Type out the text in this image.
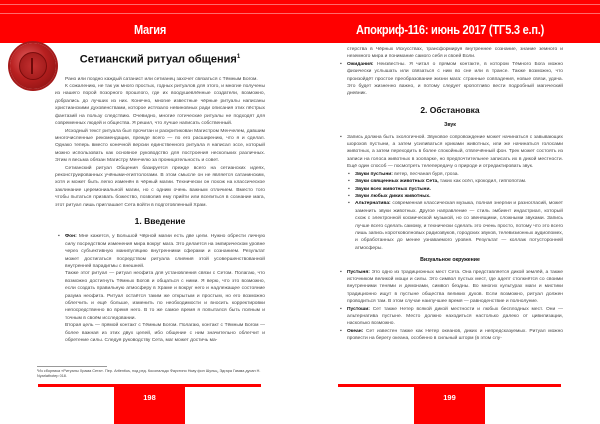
Магия
Сетианский ритуал общения$^1$

Рано или поздно каждый сатанист или сетианец захочет связаться с Тёмным Богом.

К сожалению, не так уж много простых, годных ритуалов для этого, и многие получены из нашего порой позорного прошлого, где их воодушевлённые создатели, возможно, добрались до лучших из них. Конечно, многие известные чёрные ритуалы написаны христианскими духовенствами, которое истязало невиновных ради описания этих пёстрых фантазий на пользу следствию. Очевидно, многие готические ритуалы не подходят для современных людей и общества. Я решил, что лучше написать собственный.

Исходный текст ритуала был прочитан и раскритикован Магистром Менчелем, давшим многочисленные рекомендации, прежде всего — по его расширению, что я и сделал. Однако теперь вместо конечной версии единственного ритуала я написал эссе, который можно использовать как основное руководство для построения нескольких различных. Этим я весьма обязан Магистру Менчелю за проницательность и совет.

Сетианский ритуал Общения базируется прежде всего на сетианских идеях, реконструированных учёными-египтологами. В этом смысле он не является сатанинским, хотя и может быть легко изменён в чёрный магии. Технически он похож на классическое заклинание церемониальной магии, но с одним очень важным отличием. Вместо того чтобы пытаться призвать божество, позволив ему прийти или вселиться в сознание мага, этот ритуал лишь приглашает Сета войти в подготовленный Храм.

1. Введение
▪ Фон: Мне кажется, у Большой Чёрной магии есть две цели. Нужно обрести личную силу посредством изменения мира вокруг мага. Это делается на эмпирическом уровне через субъективную манипуляцию внутренними сферами и сознанием. Результат может достигаться посредством ритуала слияния этой усовершенствованной внутренней парадигмы с внешней.

Также этот ритуал — ритуал неофита для установления связи с Сетом. Полагаю, что возможно достигнуть Тёмных Богов и общаться с ними. Я верю, что это возможно, если создать правильную атмосферу в Храме и вокруг него и надлежащее состояние разума неофита. Ритуал остаётся таким же открытым и простым, но его возможно облегчить и ещё больше, изменить по необходимости и вносить корректировки непосредственно во время него. В то же самое время я попытался быть полным и точным в своём исследовании.

Вторая цель — прямой контакт с Тёмным Богом. Полагаю, контакт с Тёмным Богом — более важная из этих двух целей, ибо общение с ним значительно облегчит и обретение силы. Следуя руководству Сета, маг может достичь ма-

¹Из сборника «Ритуалы Храма Сета». Пер. Artlentius, под ред. Косопальдо Фаустино Ньву фон Шульц, Эдгара Гамма дусан Н. Nyarlathotep 018.
198
Апокриф-116: июнь 2017 (ΤΓ5.3 е.п.)
стерства в Чёрных Искусствах, трансформируя внутреннее сознание, знание земного и неземного мира и понимание самого себя и своей Воли.
▪ Ожидания: Неизвестны. Я читал о прямом контакте, в котором Тёмного Бога можно физически услышать или связаться с ним во сне или в трансе. Также возможно, что произойдёт простое преобразование жизни мага: странные совпадения, новые связи, удача. Это будет жизненно важно, и потому следует кропотливо вести подробный магический дневник.
2. Обстановка
Звук
▪ Запись должна быть эхологичной. Звуковое сопровождение может начинаться с завывающих шорохов пустыни, а затем усиливаться криками животных, или же начинаться голосами животных, а затем переходить в более спокойный, отвлечённый фон. Трек может состоять из записи на голоса животных в зоопарке, но предпочтительнее записать их в дикой местности. Ещё один способ — посмотреть телепередачу о природе и отредактировать звук.
▪ Звуки пустыни: ветер, песчаная буря, гроза.
▪ Звуки священных животных Сета, таких как осёл, крокодил, гиппопотам.
▪ Звуки всех животных пустыни.
▪ Звуки любых диких животных.
▪ Альтернатива: современная классическая музыка, полная энергии и разногласий, может заменить звуки животных. Другое направление — стиль эмбиент индастриал, который схож с электронной космической музыкой, но со звенящими, сложными звуками. Запись лучше всего сделать самому, и технически сделать это очень просто, потому что это всего лишь запись коротковолновых радиозвуков, городских звуков, телевизионных аудиопомех, и обработанных до менее узнаваемого уровня. Результат — коллаж потусторонней атмосферы.
Визуальное окружение
▪ Пустыня: Это одно из традиционных мест Сета. Она представляется дикой землёй, а также источником великой мощи и силы. Это символ пустых мест, где адепт столкнётся со своими внутренними тенями и демонами, символ бездны. Во многих культурах маги и мистики традиционно ищут в пустыне общества великих духов. Если возможно, ритуал должен проводиться там. В этом случае наилучшее время — равноденствие и полнолуние.
▪ Пустоши: Сет также Нетер всякой дикой местности и любых бесплодных мест. Они — альтернатива пустыне. Место должно находиться настолько далеко от цивилизации, насколько возможно.
▪ Океан: Сет известен также как Нетер океанов, диких и непредсказуемых. Ритуал можно провести на берегу океана, особенно в сильный шторм (в этом слу-
199
